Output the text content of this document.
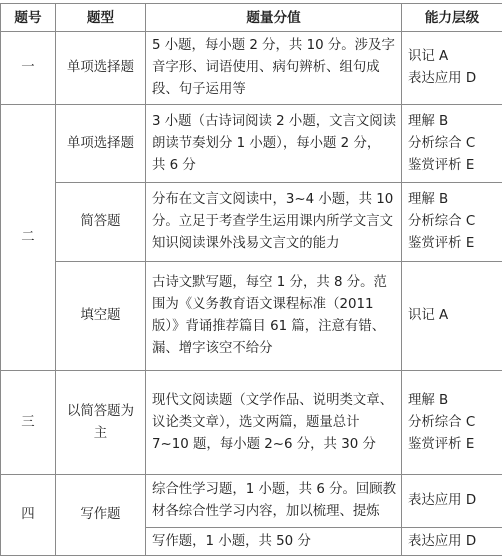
题号	题型	题量分值	能力层级
一	单项选择题	5 小题，每小题 2 分，共 10 分。涉及字
音字形、词语使用、病句辨析、组句成
段、句子运用等	识记 A
表达应用 D

二	单项选择题	3 小题（古诗词阅读 2 小题，文言文阅读
朗读节奏划分 1 小题），每小题 2 分，
共 6 分	理解 B
分析综合 C
鉴赏评析 E

	简答题	分布在文言文阅读中，3~4 小题，共 10
分。立足于考查学生运用课内所学文言文
知识阅读课外浅易文言文的能力	理解 B
分析综合 C
鉴赏评析 E

	填空题	古诗文默写题，每空 1 分，共 8 分。范
围为《义务教育语文课程标准（2011
版）》背诵推荐篇目 61 篇，注意有错、
漏、增字该空不给分	识记 A

三	以简答题为
主	现代文阅读题（文学作品、说明类文章、
议论类文章），选文两篇，题量总计
7~10 题，每小题 2~6 分，共 30 分	理解 B
分析综合 C
鉴赏评析 E

四	写作题	综合性学习题，1 小题，共 6 分。回顾教
材各综合性学习内容，加以梳理、提炼	表达应用 D

		写作题，1 小题，共 50 分	表达应用 D
